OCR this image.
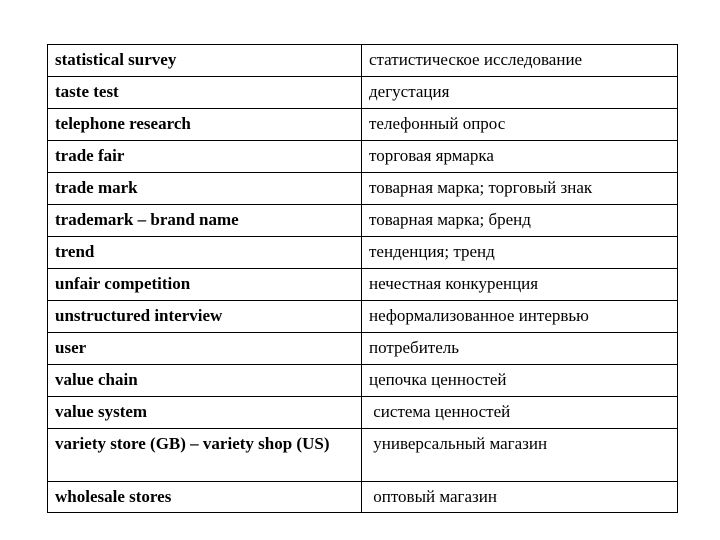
statistical survey	статистическое исследование
taste test	дегустация
telephone research	телефонный опрос
trade fair	торговая ярмарка
trade mark	товарная марка; торговый знак
trademark – brand name	товарная марка; бренд
trend	тенденция; тренд
unfair competition	нечестная конкуренция
unstructured interview	неформализованное интервью
user	потребитель
value chain	цепочка ценностей
value system	система ценностей
variety store (GB) – variety shop (US)	универсальный магазин
wholesale stores	оптовый магазин
